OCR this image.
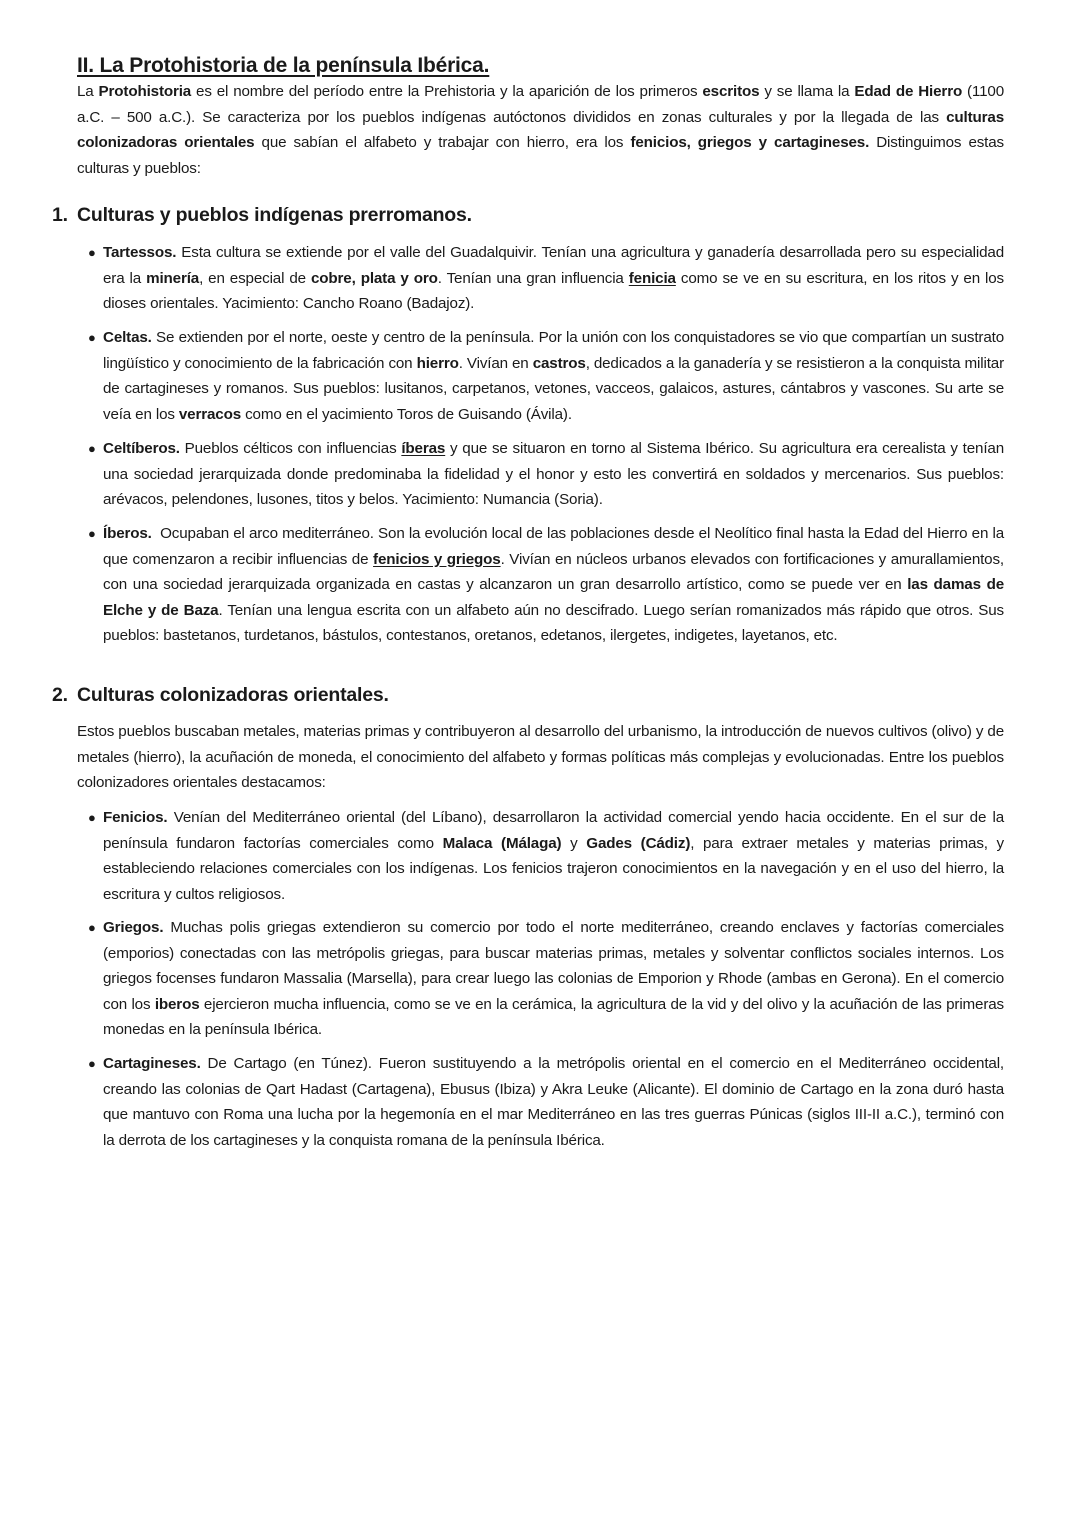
II. La Protohistoria de la península Ibérica.

La Protohistoria es el nombre del período entre la Prehistoria y la aparición de los primeros escritos y se llama la Edad de Hierro (1100 a.C. – 500 a.C.). Se caracteriza por los pueblos indígenas autóctonos divididos en zonas culturales y por la llegada de las culturas colonizadoras orientales que sabían el alfabeto y trabajar con hierro, era los fenicios, griegos y cartagineses. Distinguimos estas culturas y pueblos:

1. Culturas y pueblos indígenas prerromanos.

● Tartessos. Esta cultura se extiende por el valle del Guadalquivir. Tenían una agricultura y ganadería desarrollada pero su especialidad era la minería, en especial de cobre, plata y oro. Tenían una gran influencia fenicia como se ve en su escritura, en los ritos y en los dioses orientales. Yacimiento: Cancho Roano (Badajoz).

● Celtas. Se extienden por el norte, oeste y centro de la península. Por la unión con los conquistadores se vio que compartían un sustrato lingüístico y conocimiento de la fabricación con hierro. Vivían en castros, dedicados a la ganadería y se resistieron a la conquista militar de cartagineses y romanos. Sus pueblos: lusitanos, carpetanos, vetones, vacceos, galaicos, astures, cántabros y vascones. Su arte se veía en los verracos como en el yacimiento Toros de Guisando (Ávila).

● Celtíberos. Pueblos célticos con influencias íberas y que se situaron en torno al Sistema Ibérico. Su agricultura era cerealista y tenían una sociedad jerarquizada donde predominaba la fidelidad y el honor y esto les convertirá en soldados y mercenarios. Sus pueblos: arévacos, pelendones, lusones, titos y belos. Yacimiento: Numancia (Soria).

● Íberos.  Ocupaban el arco mediterráneo. Son la evolución local de las poblaciones desde el Neolítico final hasta la Edad del Hierro en la que comenzaron a recibir influencias de fenicios y griegos. Vivían en núcleos urbanos elevados con fortificaciones y amurallamientos, con una sociedad jerarquizada organizada en castas y alcanzaron un gran desarrollo artístico, como se puede ver en las damas de Elche y de Baza. Tenían una lengua escrita con un alfabeto aún no descifrado. Luego serían romanizados más rápido que otros. Sus pueblos: bastetanos, turdetanos, bástulos, contestanos, oretanos, edetanos, ilergetes, indigetes, layetanos, etc.

2. Culturas colonizadoras orientales.

Estos pueblos buscaban metales, materias primas y contribuyeron al desarrollo del urbanismo, la introducción de nuevos cultivos (olivo) y de metales (hierro), la acuñación de moneda, el conocimiento del alfabeto y formas políticas más complejas y evolucionadas. Entre los pueblos colonizadores orientales destacamos:

● Fenicios. Venían del Mediterráneo oriental (del Líbano), desarrollaron la actividad comercial yendo hacia occidente. En el sur de la península fundaron factorías comerciales como Malaca (Málaga) y Gades (Cádiz), para extraer metales y materias primas, y estableciendo relaciones comerciales con los indígenas. Los fenicios trajeron conocimientos en la navegación y en el uso del hierro, la escritura y cultos religiosos.

● Griegos. Muchas polis griegas extendieron su comercio por todo el norte mediterráneo, creando enclaves y factorías comerciales (emporios) conectadas con las metrópolis griegas, para buscar materias primas, metales y solventar conflictos sociales internos. Los griegos focenses fundaron Massalia (Marsella), para crear luego las colonias de Emporion y Rhode (ambas en Gerona). En el comercio con los iberos ejercieron mucha influencia, como se ve en la cerámica, la agricultura de la vid y del olivo y la acuñación de las primeras monedas en la península Ibérica.

● Cartagineses. De Cartago (en Túnez). Fueron sustituyendo a la metrópolis oriental en el comercio en el Mediterráneo occidental, creando las colonias de Qart Hadast (Cartagena), Ebusus (Ibiza) y Akra Leuke (Alicante). El dominio de Cartago en la zona duró hasta que mantuvo con Roma una lucha por la hegemonía en el mar Mediterráneo en las tres guerras Púnicas (siglos III-II a.C.), terminó con la derrota de los cartagineses y la conquista romana de la península Ibérica.
